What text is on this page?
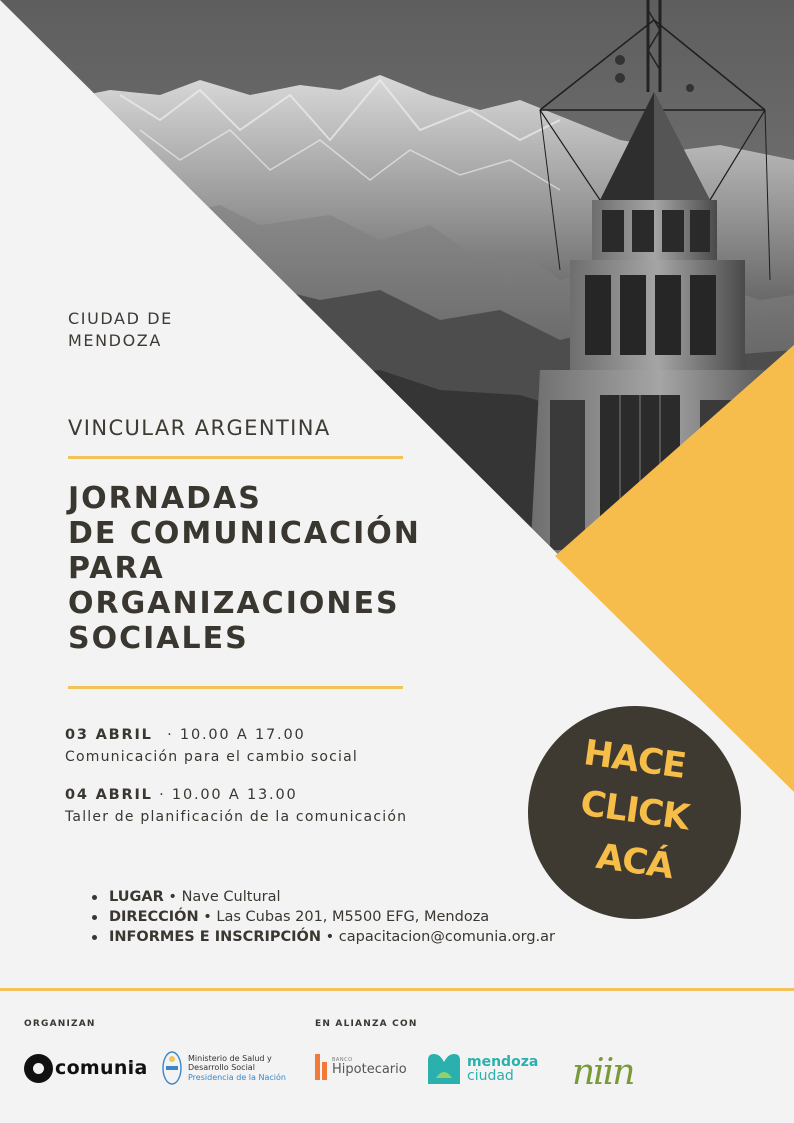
CIUDAD DE MENDOZA
VINCULAR ARGENTINA
JORNADAS
DE COMUNICACIÓN
PARA
ORGANIZACIONES
SOCIALES
03 ABRIL · 10.00 A 17.00
Comunicación para el cambio social
04 ABRIL · 10.00 A 13.00
Taller de planificación de la comunicación
LUGAR • Nave Cultural
DIRECCIÓN • Las Cubas 201, M5500 EFG, Mendoza
INFORMES E INSCRIPCIÓN • capacitacion@comunia.org.ar
HACE
CLICK
ACÁ
ORGANIZAN	EN ALIANZA CON
comunia	Ministerio de Salud y
Desarrollo Social
Presidencia de la Nación
BANCO
Hipotecario	mendoza
ciudad	niin
